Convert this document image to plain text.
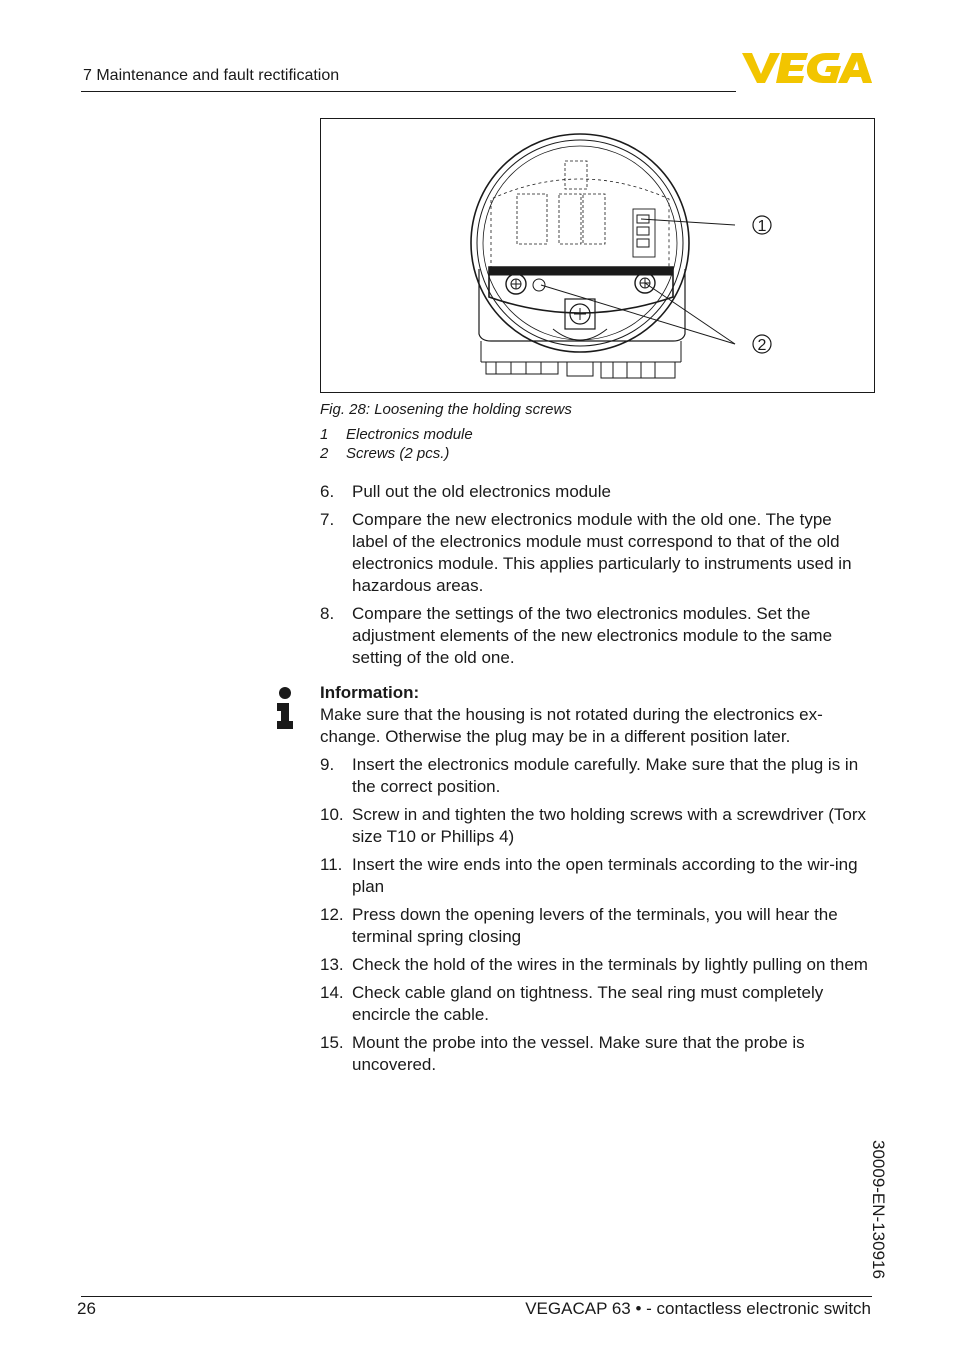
7 Maintenance and fault rectification
1
2
Fig. 28: Loosening the holding screws
1 Electronics module
2 Screws (2 pcs.)
6. Pull out the old electronics module
7. Compare the new electronics module with the old one. The type label of the electronics module must correspond to that of the old electronics module. This applies particularly to instruments used in hazardous areas.
8. Compare the settings of the two electronics modules. Set the adjustment elements of the new electronics module to the same setting of the old one.
Information:
Make sure that the housing is not rotated during the electronics ex-change. Otherwise the plug may be in a different position later.
9. Insert the electronics module carefully. Make sure that the plug is in the correct position.
10. Screw in and tighten the two holding screws with a screwdriver (Torx size T10 or Phillips 4)
11. Insert the wire ends into the open terminals according to the wir-ing plan
12. Press down the opening levers of the terminals, you will hear the terminal spring closing
13. Check the hold of the wires in the terminals by lightly pulling on them
14. Check cable gland on tightness. The seal ring must completely encircle the cable.
15. Mount the probe into the vessel. Make sure that the probe is uncovered.
30009-EN-130916
26	VEGACAP 63 • - contactless electronic switch
